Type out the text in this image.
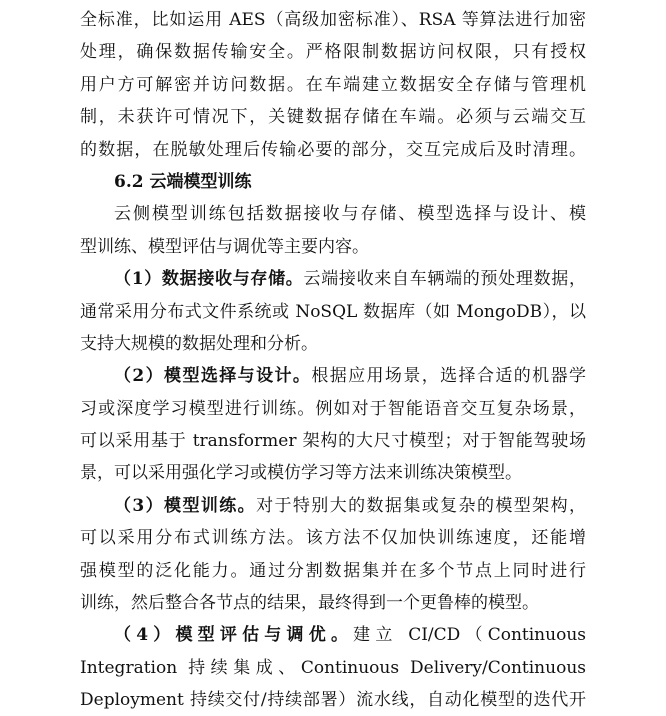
全标准，比如运用 AES（高级加密标准）、RSA 等算法进行加密
处理，确保数据传输安全。严格限制数据访问权限，只有授权
用户方可解密并访问数据。在车端建立数据安全存储与管理机
制，未获许可情况下，关键数据存储在车端。必须与云端交互
的数据，在脱敏处理后传输必要的部分，交互完成后及时清理。
6.2 云端模型训练
云侧模型训练包括数据接收与存储、模型选择与设计、模
型训练、模型评估与调优等主要内容。
（1）数据接收与存储。云端接收来自车辆端的预处理数据，
通常采用分布式文件系统或 NoSQL 数据库（如 MongoDB），以
支持大规模的数据处理和分析。
（2）模型选择与设计。根据应用场景，选择合适的机器学
习或深度学习模型进行训练。例如对于智能语音交互复杂场景，
可以采用基于 transformer 架构的大尺寸模型；对于智能驾驶场
景，可以采用强化学习或模仿学习等方法来训练决策模型。
（3）模型训练。对于特别大的数据集或复杂的模型架构，
可以采用分布式训练方法。该方法不仅加快训练速度，还能增
强模型的泛化能力。通过分割数据集并在多个节点上同时进行
训练，然后整合各节点的结果，最终得到一个更鲁棒的模型。
（4）模型评估与调优。建立 CI/CD（Continuous
Integration 持续集成、Continuous Delivery/Continuous
Deployment 持续交付/持续部署）流水线，自动化模型的迭代开
